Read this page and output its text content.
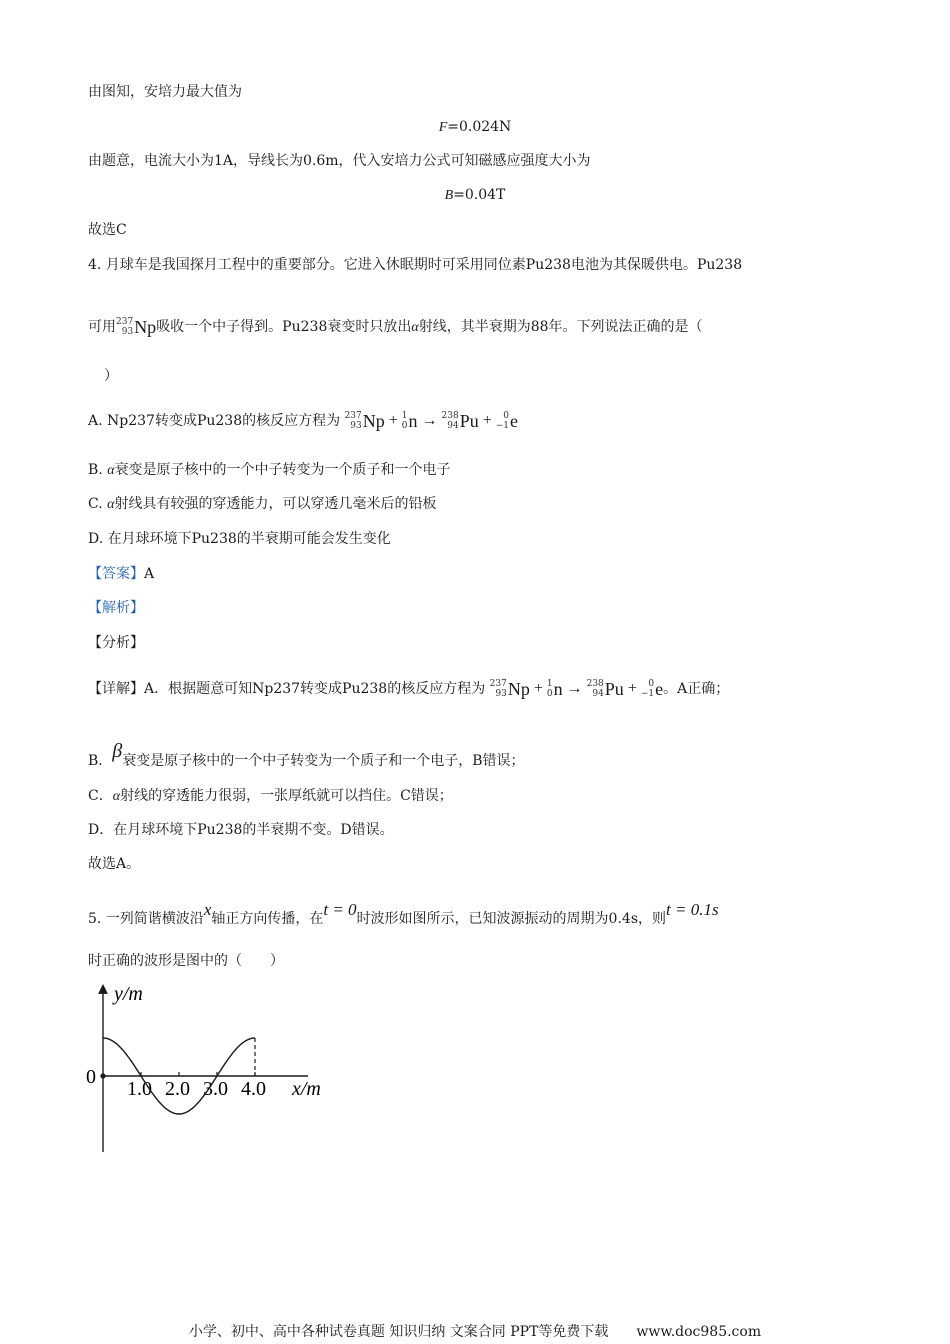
由图知，安培力最大值为
F=0.024N
由题意，电流大小为1A，导线长为0.6m，代入安培力公式可知磁感应强度大小为
B=0.04T
故选C
4. 月球车是我国探月工程中的重要部分。它进入休眠期时可采用同位素Pu238电池为其保暖供电。Pu238
可用 237
93 Np吸收一个中子得到。Pu238衰变时只放出α射线，其半衰期为88年。下列说法正确的是（
）
A. Np237转变成Pu238的核反应方程为 237
93 Np + 1
0 n → 238
94 Pu + 0
−1 e
B. α衰变是原子核中的一个中子转变为一个质子和一个电子
C. α射线具有较强的穿透能力，可以穿透几毫米后的铅板
D. 在月球环境下Pu238的半衰期可能会发生变化
【答案】A
【解析】
【分析】
【详解】A．根据题意可知Np237转变成Pu238的核反应方程为 237
93 Np + 1
0 n → 238
94 Pu + 0
−1 e。A正确；
B．β衰变是原子核中的一个中子转变为一个质子和一个电子，B错误；
C．α射线的穿透能力很弱，一张厚纸就可以挡住。C错误；
D．在月球环境下Pu238的半衰期不变。D错误。
故选A。
5. 一列简谐横波沿x轴正方向传播，在t = 0时波形如图所示，已知波源振动的周期为0.4s，则t = 0.1s
时正确的波形是图中的（　　）
y/m
x/m
0
1.0 2.0 3.0 4.0
小学、初中、高中各种试卷真题 知识归纳 文案合同 PPT等免费下载　　www.doc985.com
